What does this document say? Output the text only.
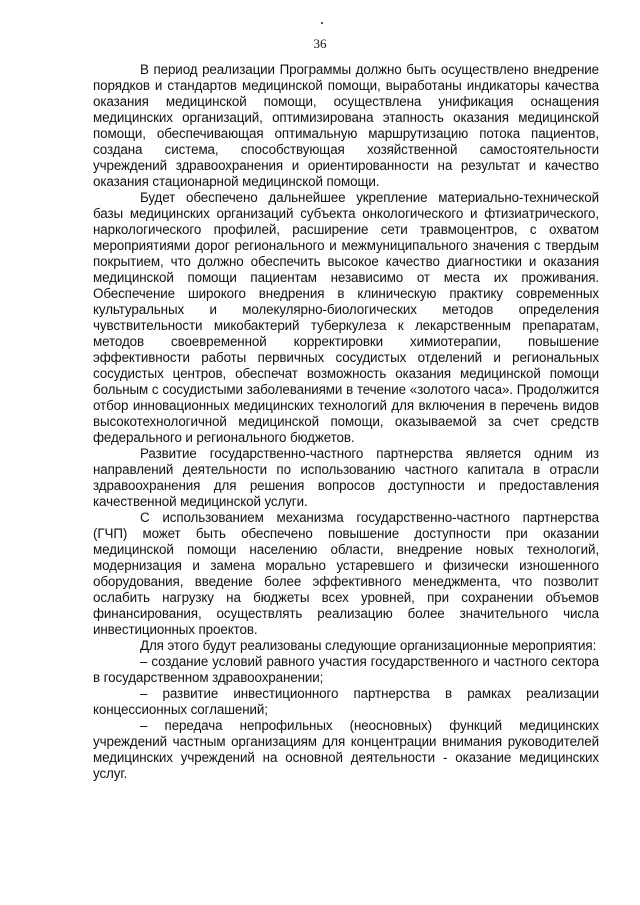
36

В период реализации Программы должно быть осуществлено внедрение порядков и стандартов медицинской помощи, выработаны индикаторы качества оказания медицинской помощи, осуществлена унификация оснащения медицинских организаций, оптимизирована этапность оказания медицинской помощи, обеспечивающая оптимальную маршрутизацию потока пациентов, создана система, способствующая хозяйственной самостоятельности учреждений здравоохранения и ориентированности на результат и качество оказания стационарной медицинской помощи.

Будет обеспечено дальнейшее укрепление материально-технической базы медицинских организаций субъекта онкологического и фтизиатрического, наркологического профилей, расширение сети травмоцентров, с охватом мероприятиями дорог регионального и межмуниципального значения с твердым покрытием, что должно обеспечить высокое качество диагностики и оказания медицинской помощи пациентам независимо от места их проживания. Обеспечение широкого внедрения в клиническую практику современных культуральных и молекулярно-биологических методов определения чувствительности микобактерий туберкулеза к лекарственным препаратам, методов своевременной корректировки химиотерапии, повышение эффективности работы первичных сосудистых отделений и региональных сосудистых центров, обеспечат возможность оказания медицинской помощи больным с сосудистыми заболеваниями в течение «золотого часа». Продолжится отбор инновационных медицинских технологий для включения в перечень видов высокотехнологичной медицинской помощи, оказываемой за счет средств федерального и регионального бюджетов.

Развитие государственно-частного партнерства является одним из направлений деятельности по использованию частного капитала в отрасли здравоохранения для решения вопросов доступности и предоставления качественной медицинской услуги.

С использованием механизма государственно-частного партнерства (ГЧП) может быть обеспечено повышение доступности при оказании медицинской помощи населению области, внедрение новых технологий, модернизация и замена морально устаревшего и физически изношенного оборудования, введение более эффективного менеджмента, что позволит ослабить нагрузку на бюджеты всех уровней, при сохранении объемов финансирования, осуществлять реализацию более значительного числа инвестиционных проектов.

Для этого будут реализованы следующие организационные мероприятия:

– создание условий равного участия государственного и частного сектора в государственном здравоохранении;

– развитие инвестиционного партнерства в рамках реализации концессионных соглашений;

– передача непрофильных (неосновных) функций медицинских учреждений частным организациям для концентрации внимания руководителей медицинских учреждений на основной деятельности - оказание медицинских услуг.
